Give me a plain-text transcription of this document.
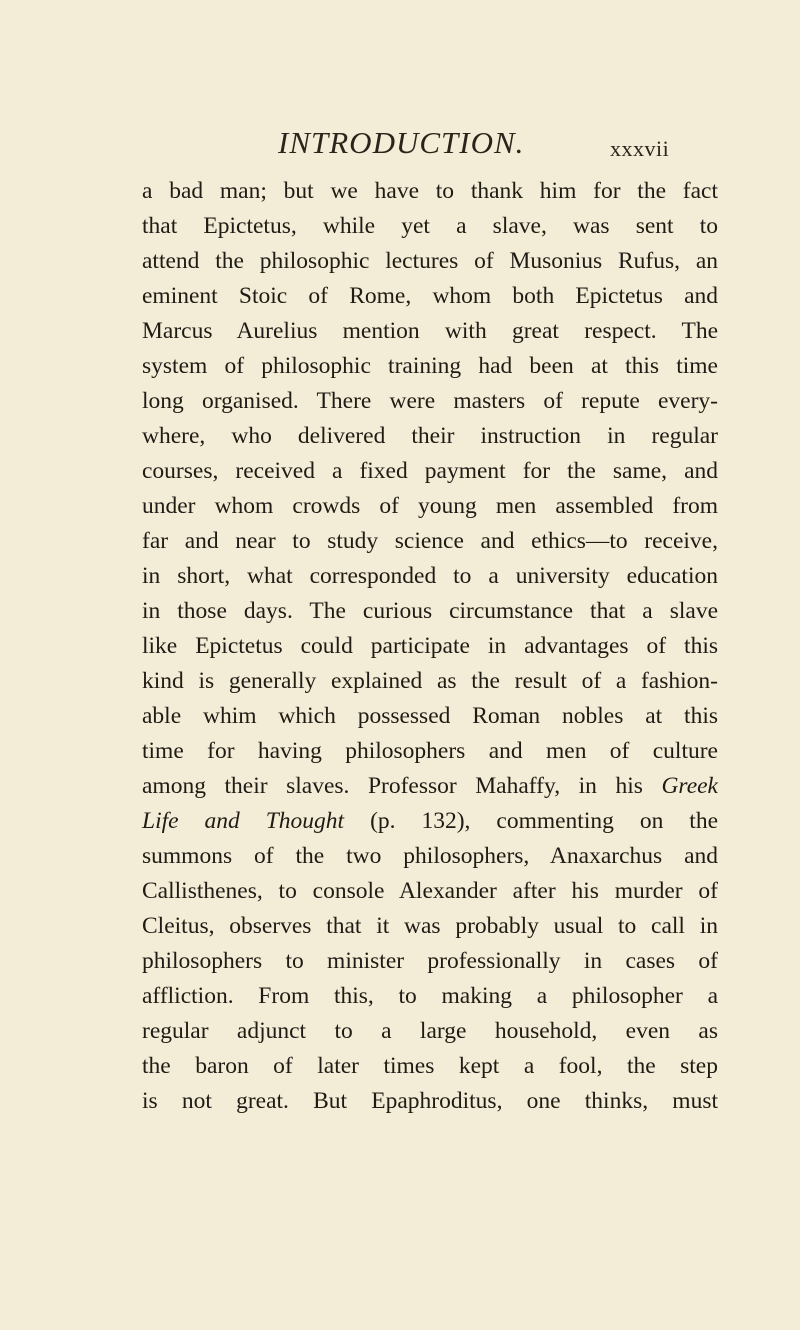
INTRODUCTION.	xxxvii
a bad man; but we have to thank him for the fact
that Epictetus, while yet a slave, was sent to
attend the philosophic lectures of Musonius Rufus, an
eminent Stoic of Rome, whom both Epictetus and
Marcus Aurelius mention with great respect. The
system of philosophic training had been at this time
long organised. There were masters of repute every-
where, who delivered their instruction in regular
courses, received a fixed payment for the same, and
under whom crowds of young men assembled from
far and near to study science and ethics—to receive,
in short, what corresponded to a university education
in those days. The curious circumstance that a slave
like Epictetus could participate in advantages of this
kind is generally explained as the result of a fashion-
able whim which possessed Roman nobles at this
time for having philosophers and men of culture
among their slaves. Professor Mahaffy, in his Greek
Life and Thought (p. 132), commenting on the
summons of the two philosophers, Anaxarchus and
Callisthenes, to console Alexander after his murder of
Cleitus, observes that it was probably usual to call in
philosophers to minister professionally in cases of
affliction. From this, to making a philosopher a
regular adjunct to a large household, even as
the baron of later times kept a fool, the step
is not great. But Epaphroditus, one thinks, must
